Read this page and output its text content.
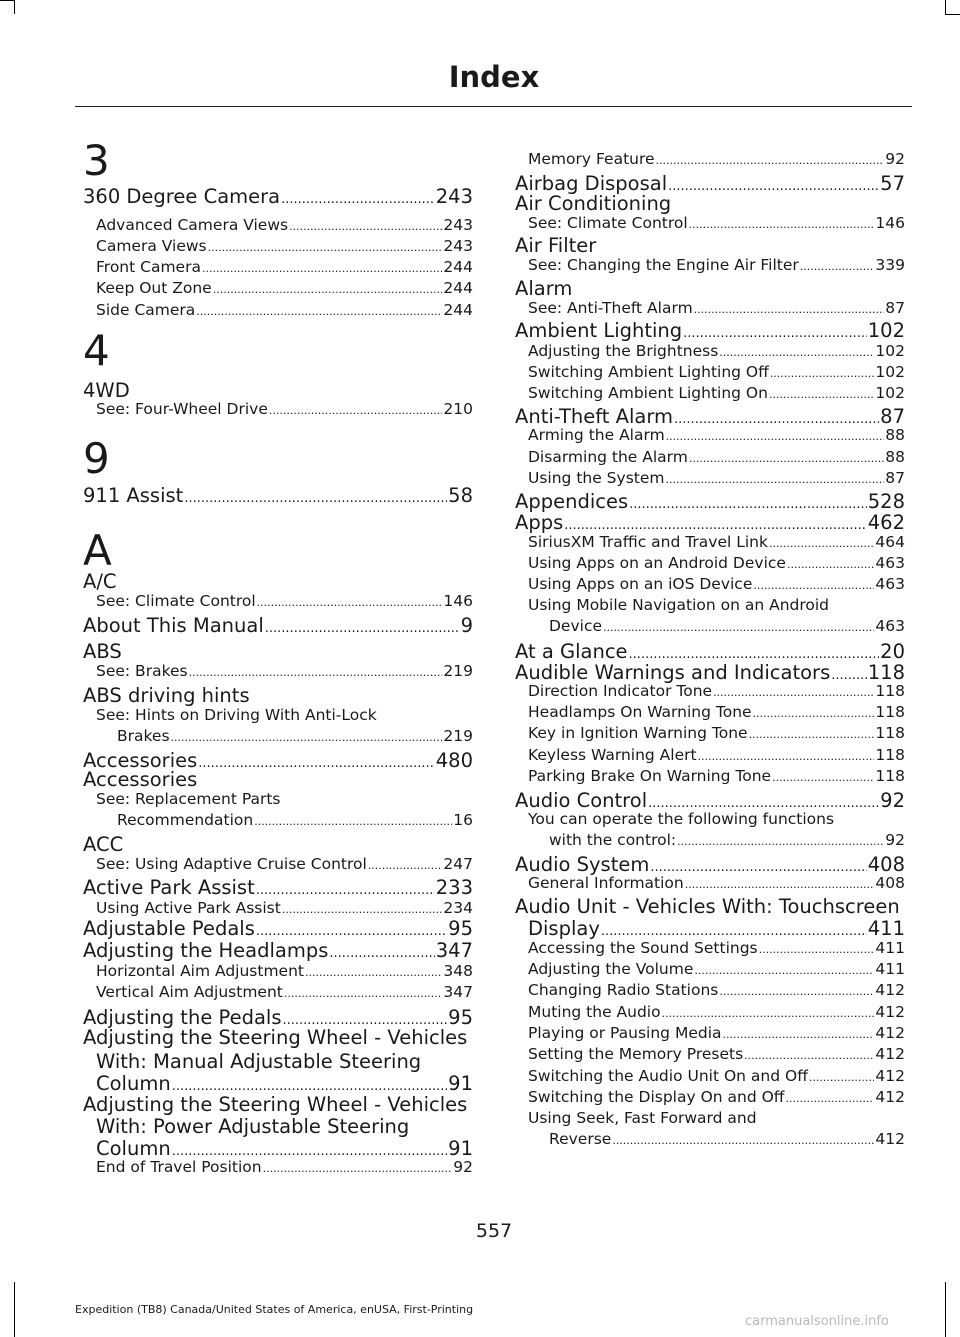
Index
3
360 Degree Camera .....	243
Advanced Camera Views .....	243
Camera Views .....	243
Front Camera .....	244
Keep Out Zone .....	244
Side Camera .....	244
4
4WD
See: Four-Wheel Drive .....	210
9
911 Assist .....	58
A
A/C
See: Climate Control .....	146
About This Manual .....	9
ABS
See: Brakes .....	219
ABS driving hints
See: Hints on Driving With Anti-Lock
Brakes .....	219
Accessories .....	480
Accessories
See: Replacement Parts
Recommendation .....	16
ACC
See: Using Adaptive Cruise Control .....	247
Active Park Assist .....	233
Using Active Park Assist .....	234
Adjustable Pedals .....	95
Adjusting the Headlamps .....	347
Horizontal Aim Adjustment .....	348
Vertical Aim Adjustment .....	347
Adjusting the Pedals .....	95
Adjusting the Steering Wheel - Vehicles
With: Manual Adjustable Steering
Column .....	91
Adjusting the Steering Wheel - Vehicles
With: Power Adjustable Steering
Column .....	91
End of Travel Position .....	92
Memory Feature .....	92
Airbag Disposal .....	57
Air Conditioning
See: Climate Control .....	146
Air Filter
See: Changing the Engine Air Filter .....	339
Alarm
See: Anti-Theft Alarm .....	87
Ambient Lighting .....	102
Adjusting the Brightness .....	102
Switching Ambient Lighting Off .....	102
Switching Ambient Lighting On .....	102
Anti-Theft Alarm .....	87
Arming the Alarm .....	88
Disarming the Alarm .....	88
Using the System .....	87
Appendices .....	528
Apps .....	462
SiriusXM Traffic and Travel Link .....	464
Using Apps on an Android Device .....	463
Using Apps on an iOS Device .....	463
Using Mobile Navigation on an Android
Device .....	463
At a Glance .....	20
Audible Warnings and Indicators ..... 118
Direction Indicator Tone .....	118
Headlamps On Warning Tone .....	118
Key in Ignition Warning Tone .....	118
Keyless Warning Alert .....	118
Parking Brake On Warning Tone .....	118
Audio Control .....	92
You can operate the following functions
with the control: .....	92
Audio System .....	408
General Information .....	408
Audio Unit - Vehicles With: Touchscreen
Display .....	411
Accessing the Sound Settings .....	411
Adjusting the Volume .....	411
Changing Radio Stations .....	412
Muting the Audio .....	412
Playing or Pausing Media .....	412
Setting the Memory Presets .....	412
Switching the Audio Unit On and Off .....	412
Switching the Display On and Off .....	412
Using Seek, Fast Forward and
Reverse .....	412
557
Expedition (TB8) Canada/United States of America, enUSA, First-Printing
carmanualsonline.info
